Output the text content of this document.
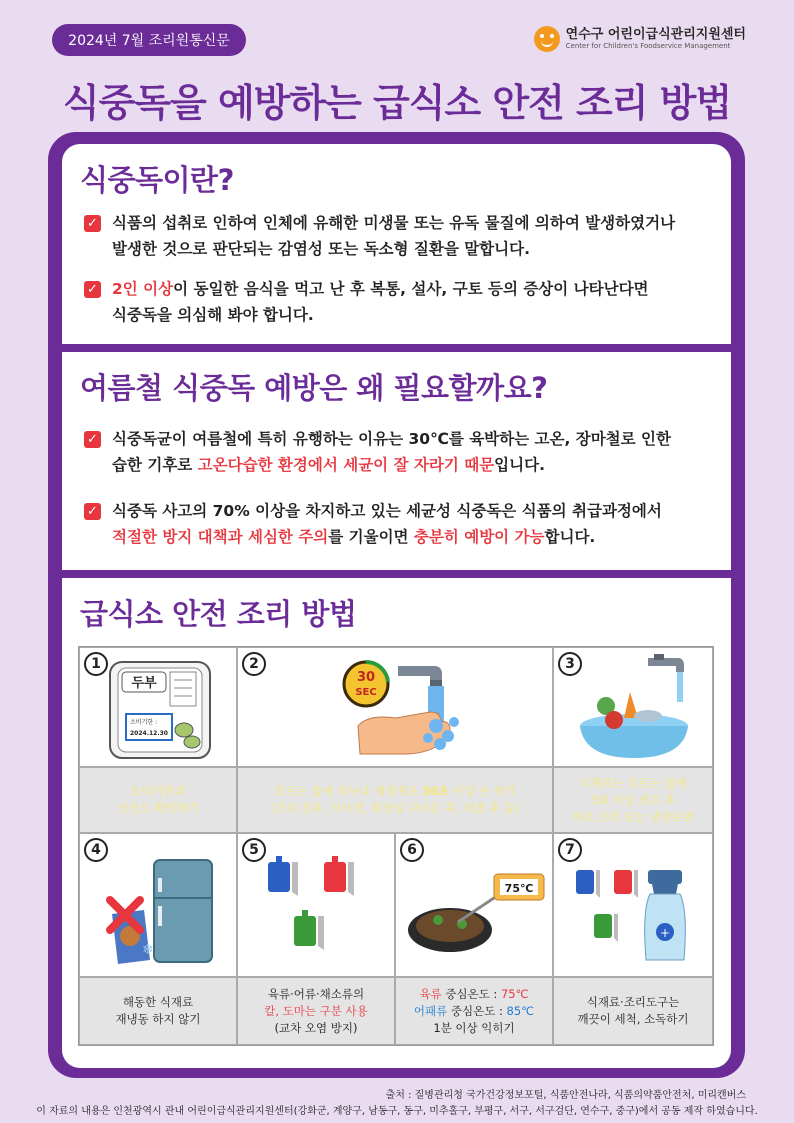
2024년 7월 조리원통신문	연수구 어린이급식관리지원센터
Center for Children's Foodservice Management
식중독을 예방하는 급식소 안전 조리 방법
식중독이란?
✓ 식품의 섭취로 인하여 인체에 유해한 미생물 또는 유독 물질에 의하여 발생하였거나
발생한 것으로 판단되는 감염성 또는 독소형 질환을 말합니다.
✓ 2인 이상이 동일한 음식을 먹고 난 후 복통, 설사, 구토 등의 증상이 나타난다면
식중독을 의심해 봐야 합니다.
여름철 식중독 예방은 왜 필요할까요?
✓ 식중독균이 여름철에 특히 유행하는 이유는 30℃를 육박하는 고온, 장마철로 인한
습한 기후로 고온다습한 환경에서 세균이 잘 자라기 때문입니다.
✓ 식중독 사고의 70% 이상을 차지하고 있는 세균성 식중독은 식품의 취급과정에서
적절한 방지 대책과 세심한 주의를 기울이면 충분히 예방이 가능합니다.
급식소 안전 조리 방법
1
두부
소비기한 :
2024.12.30
2
30
SEC
3
소비기한과
신선도 확인하기
흐르는 물에 비누나 세정제로 30초 이상 손 씻기
(조리 전후, 식사전, 화장실 다녀온 후, 외출 후 등)
식재료는 흐르는 물에
3회 이상 씻은 후
바로 조리 또는 냉장보관
4
❄
5	6
75℃
7
+
해동한 식재료
재냉동 하지 않기
육류·어류·채소류의
칼, 도마는 구분 사용
(교차 오염 방지)
육류 중심온도 : 75℃
어패류 중심온도 : 85℃
1분 이상 익히기
식재료·조리도구는
깨끗이 세척, 소독하기
출처 : 질병관리청 국가건강정보포털, 식품안전나라, 식품의약품안전처, 미리캔버스
이 자료의 내용은 인천광역시 관내 어린이급식관리지원센터(강화군, 계양구, 남동구, 동구, 미추홀구, 부평구, 서구, 서구검단, 연수구, 중구)에서 공동 제작 하였습니다.
